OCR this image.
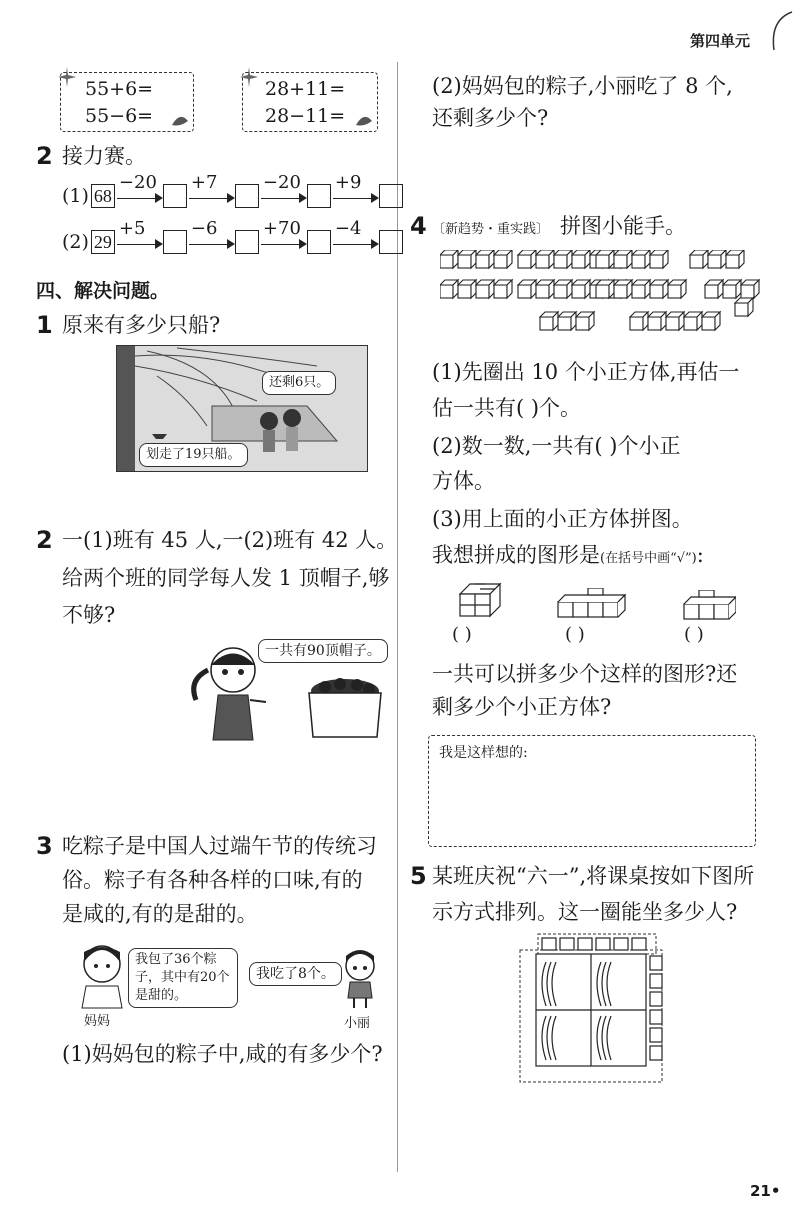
第四单元
55+6=
55−6=
28+11=
28−11=
2 接力赛。
(1) 68
−20 +7	−20 +9
(2) 29
+5	−6	+70 −4
四、解决问题。
1 原来有多少只船?
还剩6只。
划走了19只船。
2 一(1)班有 45 人,一(2)班有 42 人。
给两个班的同学每人发 1 顶帽子,够
不够?
一共有90顶帽子。
3 吃粽子是中国人过端午节的传统习
俗。粽子有各种各样的口味,有的
是咸的,有的是甜的。
妈妈
我包了36个粽子，其中有20个是甜的。
我吃了8个。
小丽
(1)妈妈包的粽子中,咸的有多少个?
(2)妈妈包的粽子,小丽吃了 8 个,
还剩多少个?
4 〔新趋势・重实践〕 拼图小能手。
(1)先圈出 10 个小正方体,再估一
估一共有( )个。
(2)数一数,一共有( )个小正
方体。
(3)用上面的小正方体拼图。
我想拼成的图形是(在括号中画“√”):
( )	( )	( )
一共可以拼多少个这样的图形?还
剩多少个小正方体?
我是这样想的:
5 某班庆祝“六一”,将课桌按如下图所
示方式排列。这一圈能坐多少人?
21•
